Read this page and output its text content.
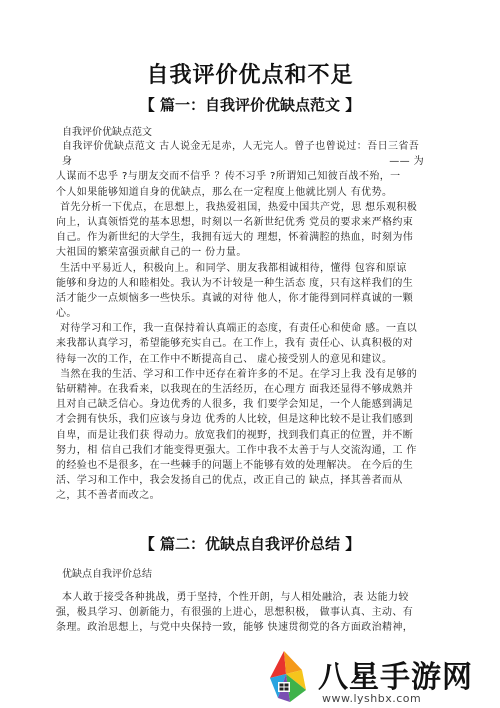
自我评价优点和不足
【 篇一：自我评价优缺点范文 】
自我评价优缺点范文
自我评价优缺点范文 古人说金无足赤，人无完人。曾子也曾说过：吾日三省吾
身	—— 为
人谋而不忠乎 ?与朋友交而不信乎 ？传不习乎 ?所谓知己知彼百战不殆，一
个人如果能够知道自身的优缺点，那么在一定程度上他就比别人 有优势。
首先分析一下优点，在思想上，我热爱祖国，热爱中国共产党，思 想乐观积极
向上，认真领悟党的基本思想，时刻以一名新世纪优秀 党员的要求来严格约束
自己。作为新世纪的大学生，我拥有远大的 理想，怀着满腔的热血，时刻为伟
大祖国的繁荣富强贡献自己的一 份力量。
生活中平易近人，积极向上。和同学、朋友我都相诚相待，懂得 包容和原谅
能够和身边的人和睦相处。我认为不计较是一种生活态 度，只有这样我们的生
活才能少一点烦恼多一些快乐。真诚的对待 他人，你才能得到同样真诚的一颗
心。
对待学习和工作，我一直保持着认真端正的态度，有责任心和使命 感。一直以
来我都认真学习，希望能够充实自己。在工作上，我有 责任心、认真积极的对
待每一次的工作，在工作中不断提高自己、 虚心接受别人的意见和建议。
当然在我的生活、学习和工作中还存在着许多的不足。在学习上我 没有足够的
钻研精神。在我看来，以我现在的生活经历，在心理方 面我还显得不够成熟并
且对自己缺乏信心。身边优秀的人很多，我 们要学会知足，一个人能感到满足
才会拥有快乐，我们应该与身边 优秀的人比较，但是这种比较不是让我们感到
自卑，而是让我们获 得动力。放宽我们的视野，找到我们真正的位置，并不断
努力，相 信自己我们才能变得更强大。工作中我不太善于与人交流沟通，工 作
的经验也不是很多，在一些棘手的问题上不能够有效的处理解决。 在今后的生
活、学习和工作中，我会发扬自己的优点，改正自己的 缺点，择其善者而从
之，其不善者而改之。
【 篇二：优缺点自我评价总结 】
优缺点自我评价总结
本人敢于接受各种挑战，勇于坚持，个性开朗，与人相处融洽，表 达能力较
强，极具学习、创新能力，有很强的上进心，思想积极， 做事认真、主动、有
条理。政治思想上，与党中央保持一致，能够 快速贯彻党的各方面政治精神，
八星手游网
www.lyshbx.com
